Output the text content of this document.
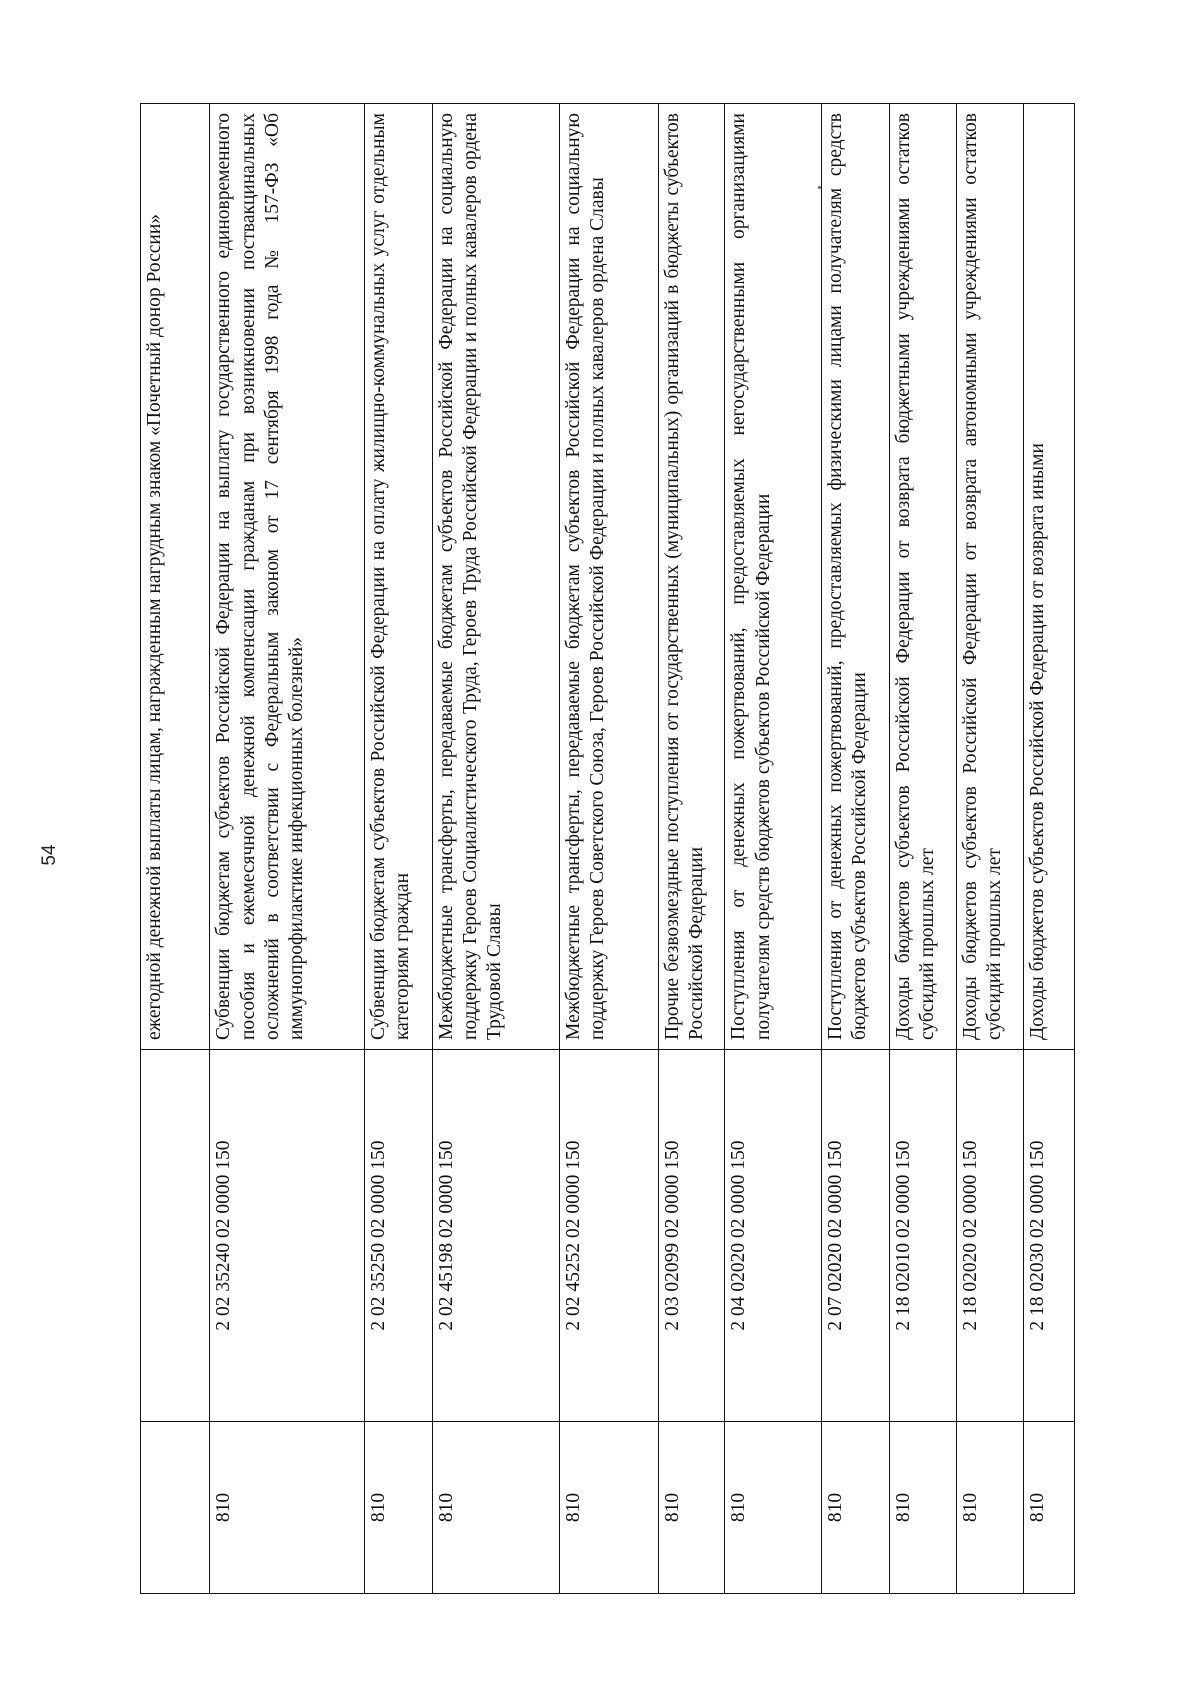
54
			ежегодной денежной выплаты лицам, награжденным нагрудным знаком «Почетный донор России»
810	2 02 35240 02 0000 150	Субвенции бюджетам субъектов Российской Федерации на выплату государственного единовременного пособия и ежемесячной денежной компенсации гражданам при возникновении поствакцинальных осложнений в соответствии с Федеральным законом от 17 сентября 1998 года № 157-ФЗ «Об иммунопрофилактике инфекционных болезней»
810	2 02 35250 02 0000 150	Субвенции бюджетам субъектов Российской Федерации на оплату жилищно-коммунальных услуг отдельным категориям граждан
810	2 02 45198 02 0000 150	Межбюджетные трансферты, передаваемые бюджетам субъектов Российской Федерации на социальную поддержку Героев Социалистического Труда, Героев Труда Российской Федерации и полных кавалеров ордена Трудовой Славы
810	2 02 45252 02 0000 150	Межбюджетные трансферты, передаваемые бюджетам субъектов Российской Федерации на социальную поддержку Героев Советского Союза, Героев Российской Федерации и полных кавалеров ордена Славы
810	2 03 02099 02 0000 150	Прочие безвозмездные поступления от государственных (муниципальных) организаций в бюджеты субъектов Российской Федерации
810	2 04 02020 02 0000 150	Поступления от денежных пожертвований, предоставляемых негосударственными организациями получателям средств бюджетов субъектов Российской Федерации
810	2 07 02020 02 0000 150	Поступления от денежных пожертвований, предоставляемых физическими лицами получателям средств бюджетов субъектов Российской Федерации
810	2 18 02010 02 0000 150	Доходы бюджетов субъектов Российской Федерации от возврата бюджетными учреждениями остатков субсидий прошлых лет
810	2 18 02020 02 0000 150	Доходы бюджетов субъектов Российской Федерации от возврата автономными учреждениями остатков субсидий прошлых лет
810	2 18 02030 02 0000 150	Доходы бюджетов субъектов Российской Федерации от возврата иными
